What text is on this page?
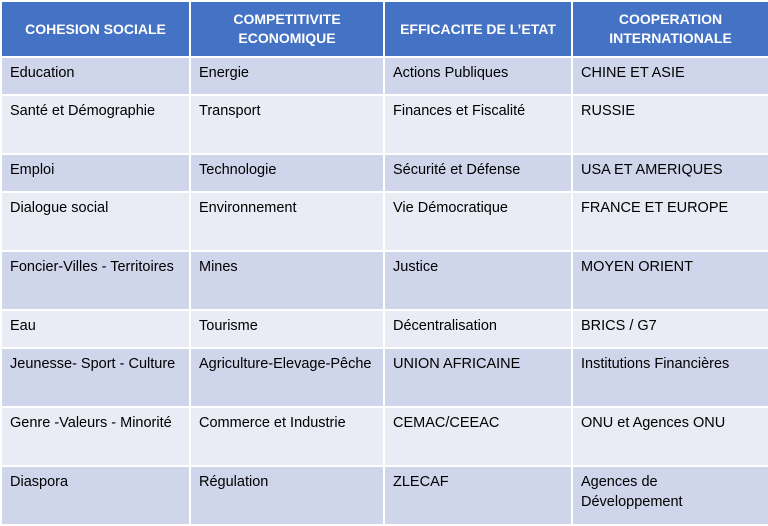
COHESION SOCIALE	COMPETITIVITE ECONOMIQUE	EFFICACITE DE L’ETAT	COOPERATION INTERNATIONALE
Education	Energie	Actions Publiques	CHINE ET ASIE
Santé et Démographie	Transport	Finances et Fiscalité	RUSSIE
Emploi	Technologie	Sécurité et Défense	USA ET AMERIQUES
Dialogue social	Environnement	Vie Démocratique	FRANCE ET EUROPE
Foncier-Villes - Territoires	Mines	Justice	MOYEN ORIENT
Eau	Tourisme	Décentralisation	BRICS / G7
Jeunesse- Sport - Culture	Agriculture-Elevage-Pêche	UNION AFRICAINE	Institutions Financières
Genre -Valeurs - Minorité	Commerce et Industrie	CEMAC/CEEAC	ONU et Agences ONU
Diaspora	Régulation	ZLECAF	Agences de Développement
